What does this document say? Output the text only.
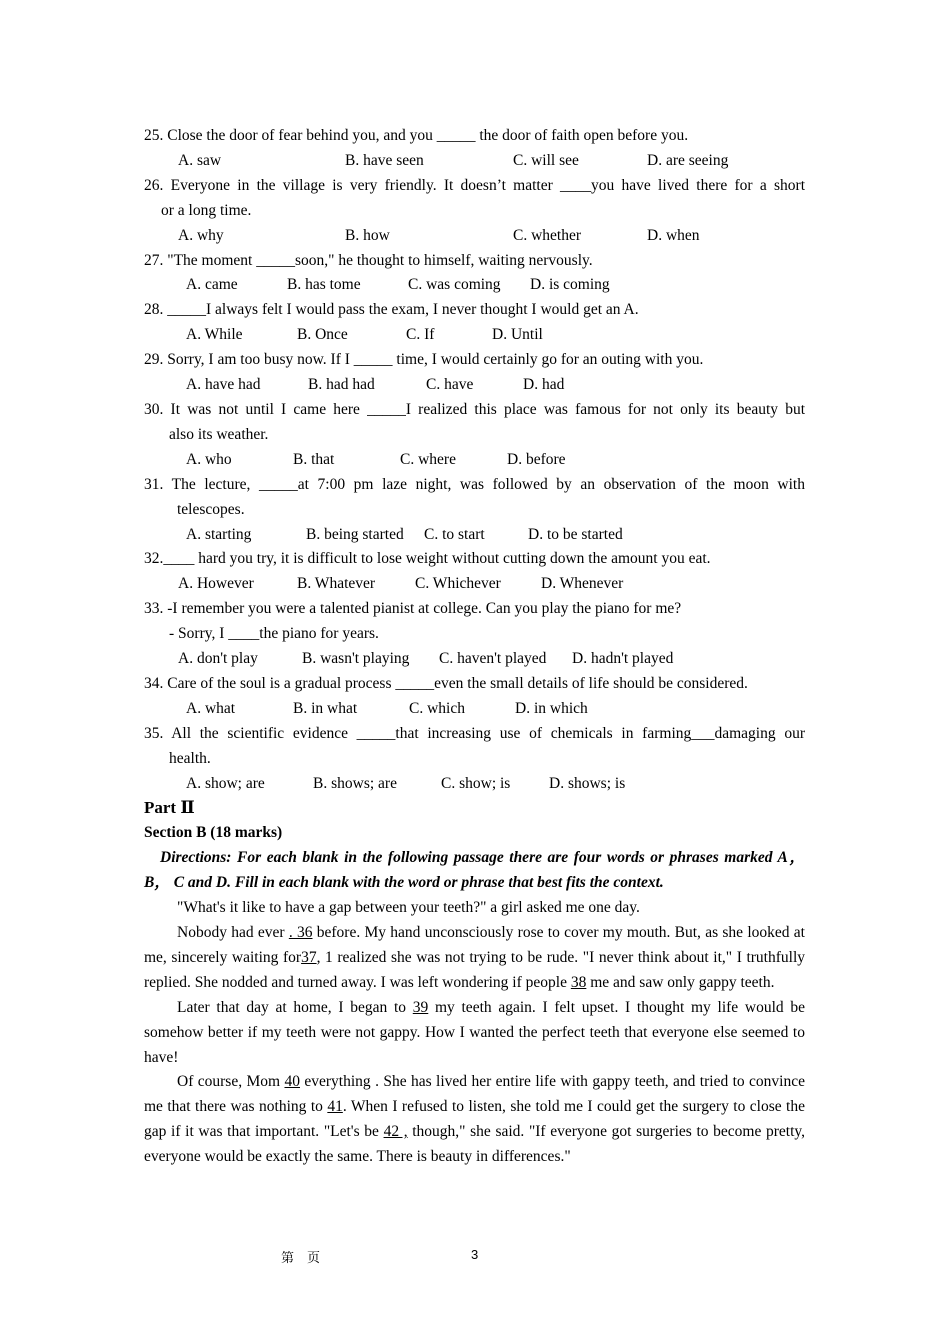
25. Close the door of fear behind you, and you _____ the door of faith open before you.
A. saw	B. have seen	C. will see	D. are seeing
26. Everyone in the village is very friendly. It doesn’t matter ____you have lived there for a short
or a long time.
A. why	B. how	C. whether	D. when
27. "The moment _____soon," he thought to himself, waiting nervously.
A. came	B. has tome	C. was coming	D. is coming
28. _____I always felt I would pass the exam, I never thought I would get an A.
A. While	B. Once	C. If	D. Until
29. Sorry, I am too busy now. If I _____ time, I would certainly go for an outing with you.
A. have had	B. had had	C. have	D. had
30. It was not until I came here _____I realized this place was famous for not only its beauty but
also its weather.
A. who	B. that	C. where	D. before
31. The lecture, _____at 7:00 pm laze night, was followed by an observation of the moon with
telescopes.
A. starting	B. being started	C. to start	D. to be started
32.____ hard you try, it is difficult to lose weight without cutting down the amount you eat.
A. However	B. Whatever	C. Whichever	D. Whenever
33. -I remember you were a talented pianist at college. Can you play the piano for me?
- Sorry, I ____the piano for years.
A. don't play	B. wasn't playing	C. haven't played	D. hadn't played
34. Care of the soul is a gradual process _____even the small details of life should be considered.
A. what	B. in what	C. which	D. in which
35. All the scientific evidence _____that increasing use of chemicals in farming___damaging our
health.
A. show; are	B. shows; are	C. show; is	D. shows; is
Part Ⅱ
Section B (18 marks)
Directions: For each blank in the following passage there are four words or phrases marked A， B， C and D. Fill in each blank with the word or phrase that best fits the context.
"What's it like to have a gap between your teeth?" a girl asked me one day.
Nobody had ever . 36 before. My hand unconsciously rose to cover my mouth. But, as she looked at me, sincerely waiting for37, 1 realized she was not trying to be rude. "I never think about it," I truthfully replied. She nodded and turned away. I was left wondering if people 38 me and saw only gappy teeth.
Later that day at home, I began to 39 my teeth again. I felt upset. I thought my life would be somehow better if my teeth were not gappy. How I wanted the perfect teeth that everyone else seemed to have!
Of course, Mom 40 everything . She has lived her entire life with gappy teeth, and tried to convince me that there was nothing to 41. When I refused to listen, she told me I could get the surgery to close the gap if it was that important. "Let's be 42 , though," she said. "If everyone got surgeries to become pretty, everyone would be exactly the same. There is beauty in differences."
第　页	3
